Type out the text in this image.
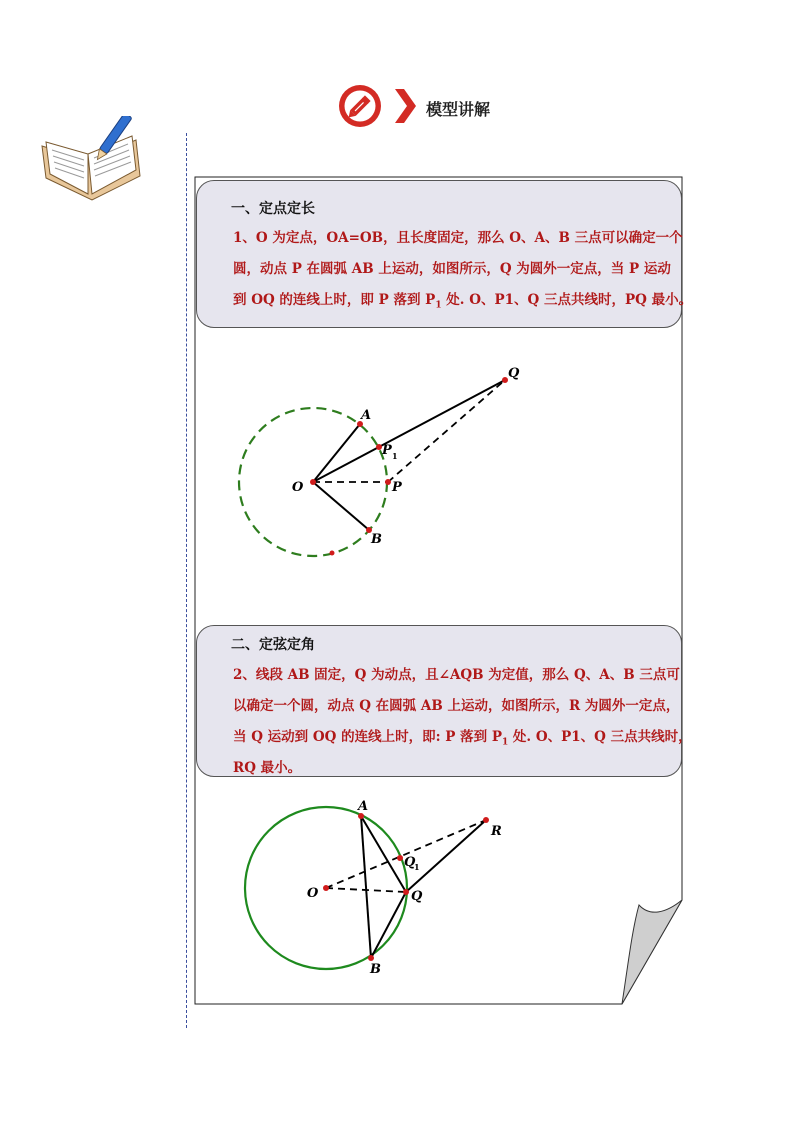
模型讲解
一、定点定长
1、O 为定点，OA=OB，且长度固定，那么 O、A、B 三点可以确定一个
圆，动点 P 在圆弧 AB 上运动，如图所示，Q 为圆外一定点，当 P 运动
到 OQ 的连线上时，即 P 落到 $P_1$ 处. O、P1、Q 三点共线时，PQ 最小。
O
A
B
P 1
P
Q
二、定弦定角
2、线段 AB 固定，Q 为动点，且∠AQB 为定值，那么 Q、A、B 三点可
以确定一个圆，动点 Q 在圆弧 AB 上运动，如图所示，R 为圆外一定点，
当 Q 运动到 OQ 的连线上时，即: P 落到 $P_1$ 处. O、P1、Q 三点共线时，
RQ 最小。
O
A
B
Q
1
Q
R
